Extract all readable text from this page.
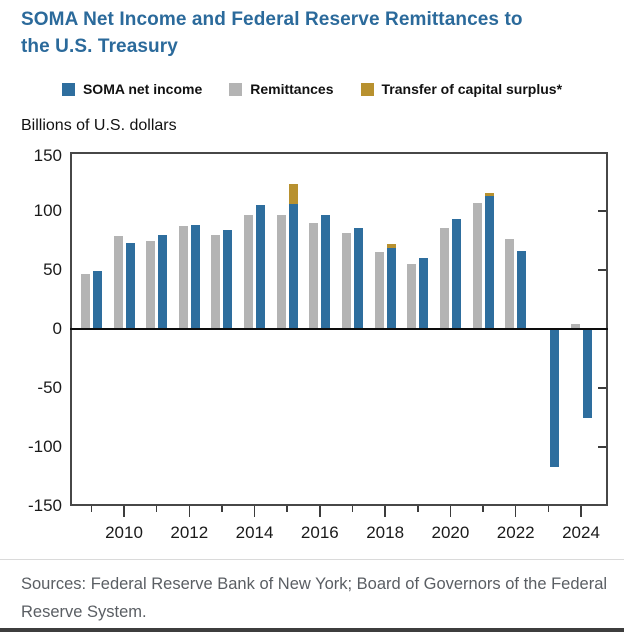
SOMA Net Income and Federal Reserve Remittances to
the U.S. Treasury
SOMA net income	Remittances	Transfer of capital surplus*
Billions of U.S. dollars
150
100
50
0
-50
-100
-150
2010	2012	2014	2016	2018	2020	2022	2024

Sources: Federal Reserve Bank of New York; Board of Governors of the Federal Reserve System.
